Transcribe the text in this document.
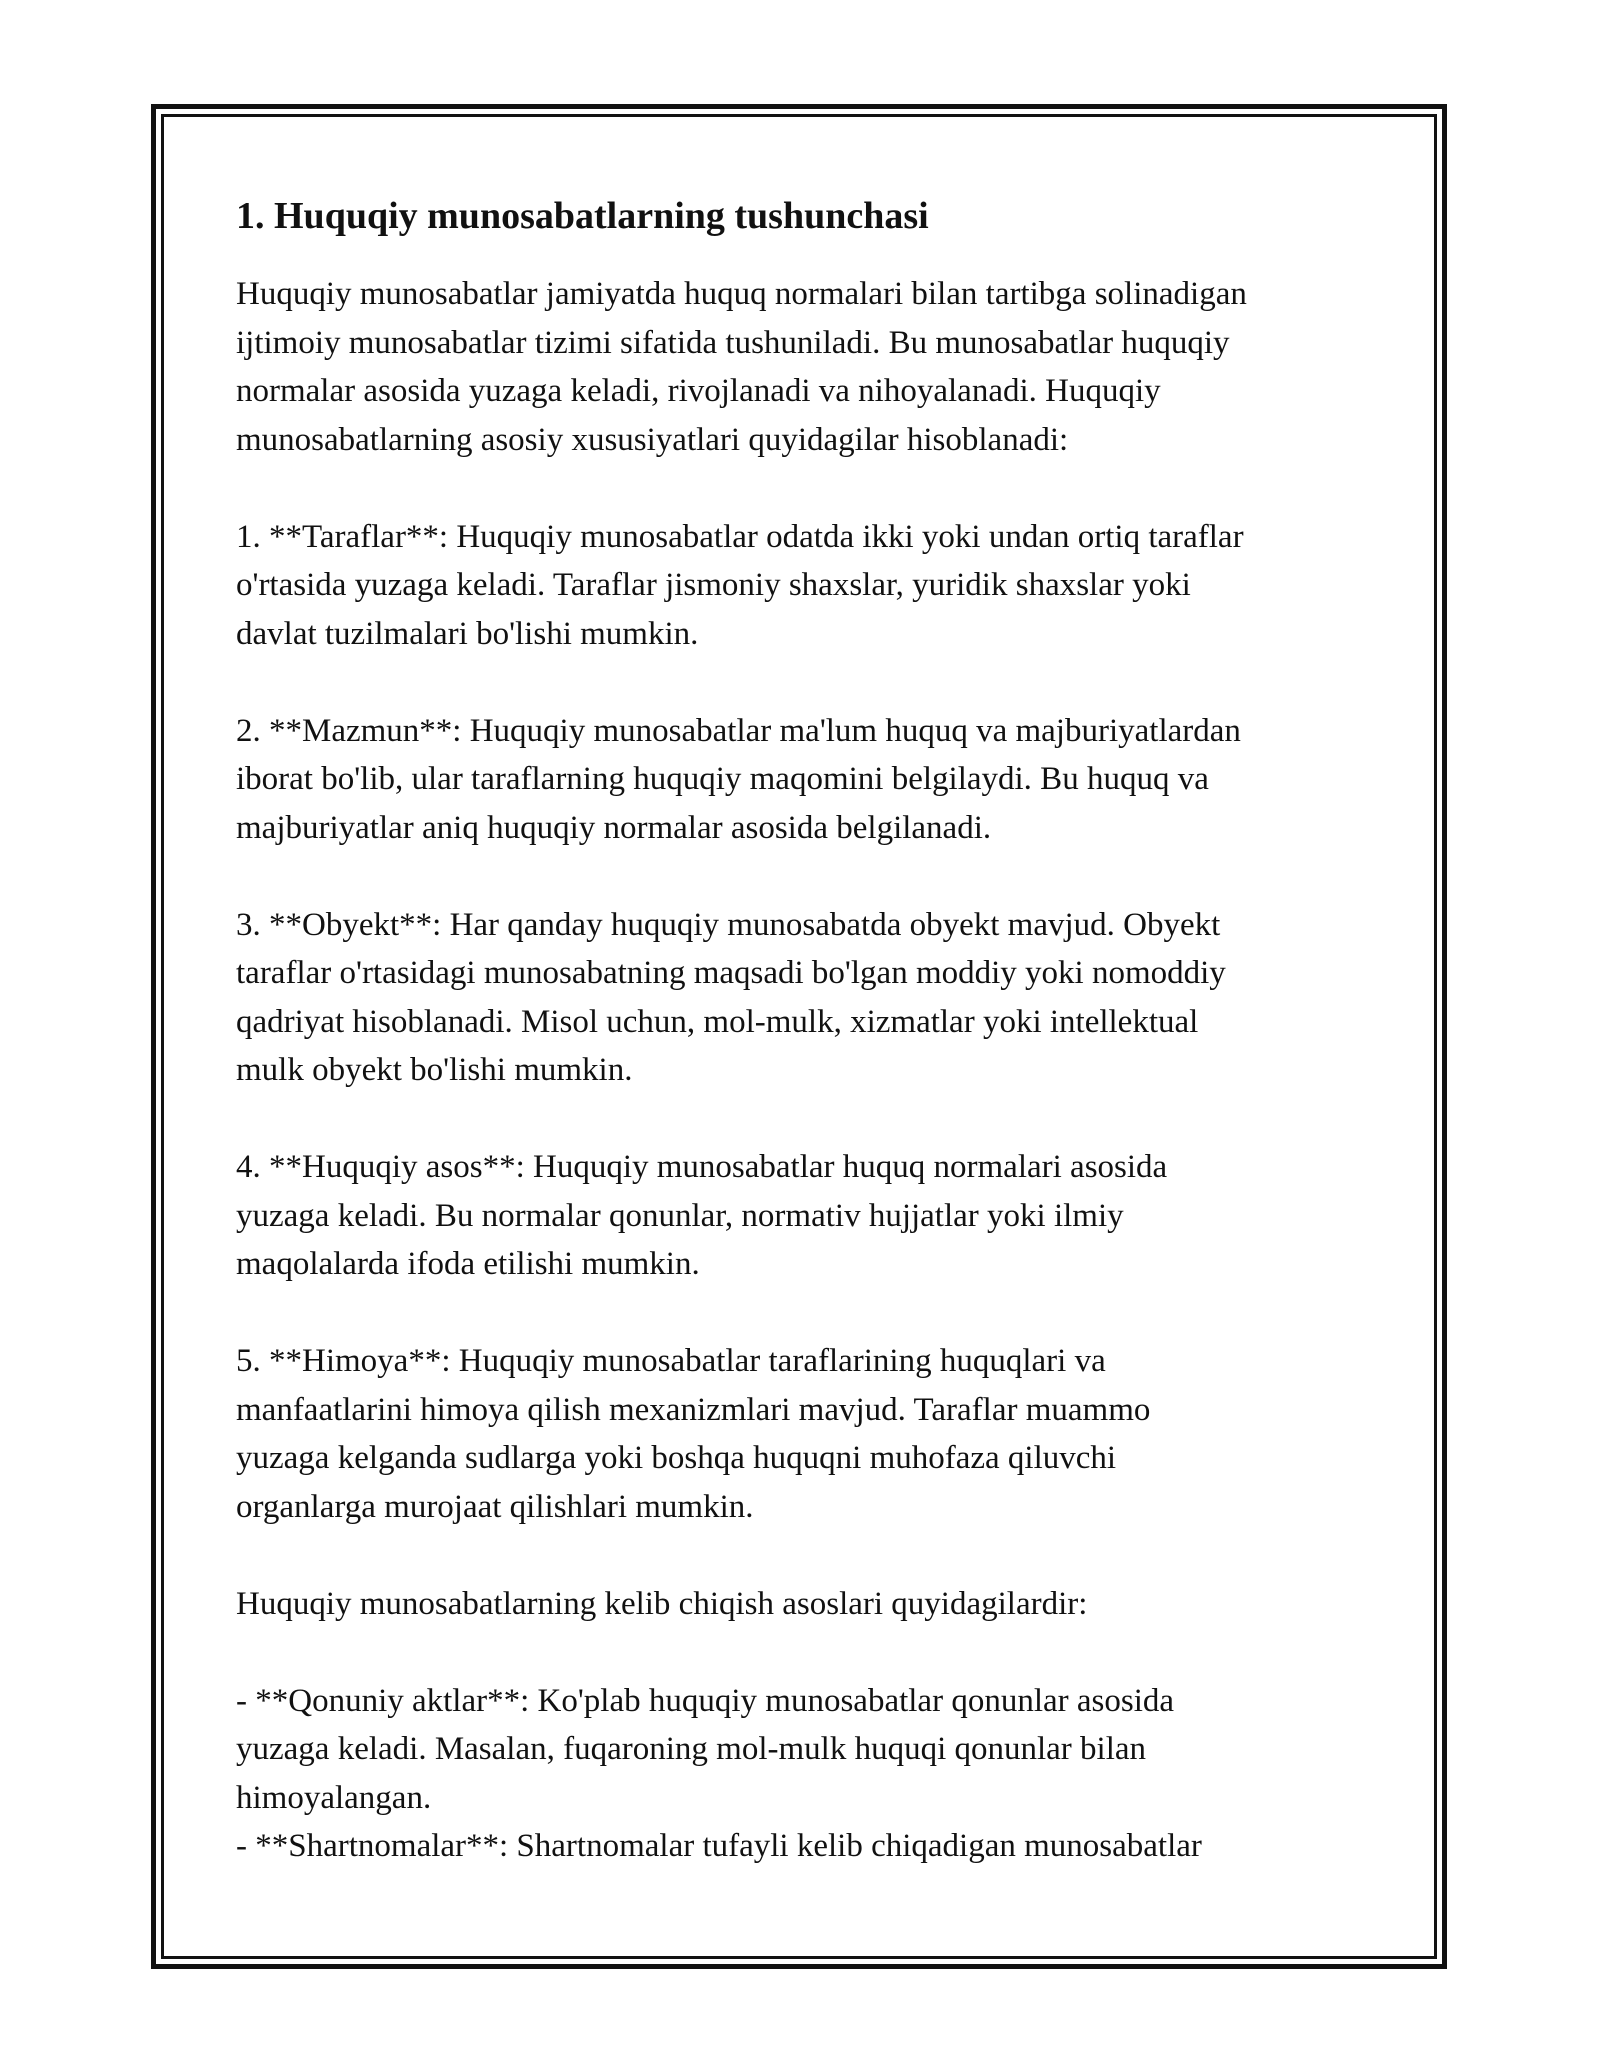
1. Huquqiy munosabatlarning tushunchasi
Huquqiy munosabatlar jamiyatda huquq normalari bilan tartibga solinadigan
ijtimoiy munosabatlar tizimi sifatida tushuniladi. Bu munosabatlar huquqiy
normalar asosida yuzaga keladi, rivojlanadi va nihoyalanadi. Huquqiy
munosabatlarning asosiy xususiyatlari quyidagilar hisoblanadi:
1. **Taraflar**: Huquqiy munosabatlar odatda ikki yoki undan ortiq taraflar
o'rtasida yuzaga keladi. Taraflar jismoniy shaxslar, yuridik shaxslar yoki
davlat tuzilmalari bo'lishi mumkin.
2. **Mazmun**: Huquqiy munosabatlar ma'lum huquq va majburiyatlardan
iborat bo'lib, ular taraflarning huquqiy maqomini belgilaydi. Bu huquq va
majburiyatlar aniq huquqiy normalar asosida belgilanadi.
3. **Obyekt**: Har qanday huquqiy munosabatda obyekt mavjud. Obyekt
taraflar o'rtasidagi munosabatning maqsadi bo'lgan moddiy yoki nomoddiy
qadriyat hisoblanadi. Misol uchun, mol-mulk, xizmatlar yoki intellektual
mulk obyekt bo'lishi mumkin.
4. **Huquqiy asos**: Huquqiy munosabatlar huquq normalari asosida
yuzaga keladi. Bu normalar qonunlar, normativ hujjatlar yoki ilmiy
maqolalarda ifoda etilishi mumkin.
5. **Himoya**: Huquqiy munosabatlar taraflarining huquqlari va
manfaatlarini himoya qilish mexanizmlari mavjud. Taraflar muammo
yuzaga kelganda sudlarga yoki boshqa huquqni muhofaza qiluvchi
organlarga murojaat qilishlari mumkin.
Huquqiy munosabatlarning kelib chiqish asoslari quyidagilardir:
- **Qonuniy aktlar**: Ko'plab huquqiy munosabatlar qonunlar asosida
yuzaga keladi. Masalan, fuqaroning mol-mulk huquqi qonunlar bilan
himoyalangan.
- **Shartnomalar**: Shartnomalar tufayli kelib chiqadigan munosabatlar
